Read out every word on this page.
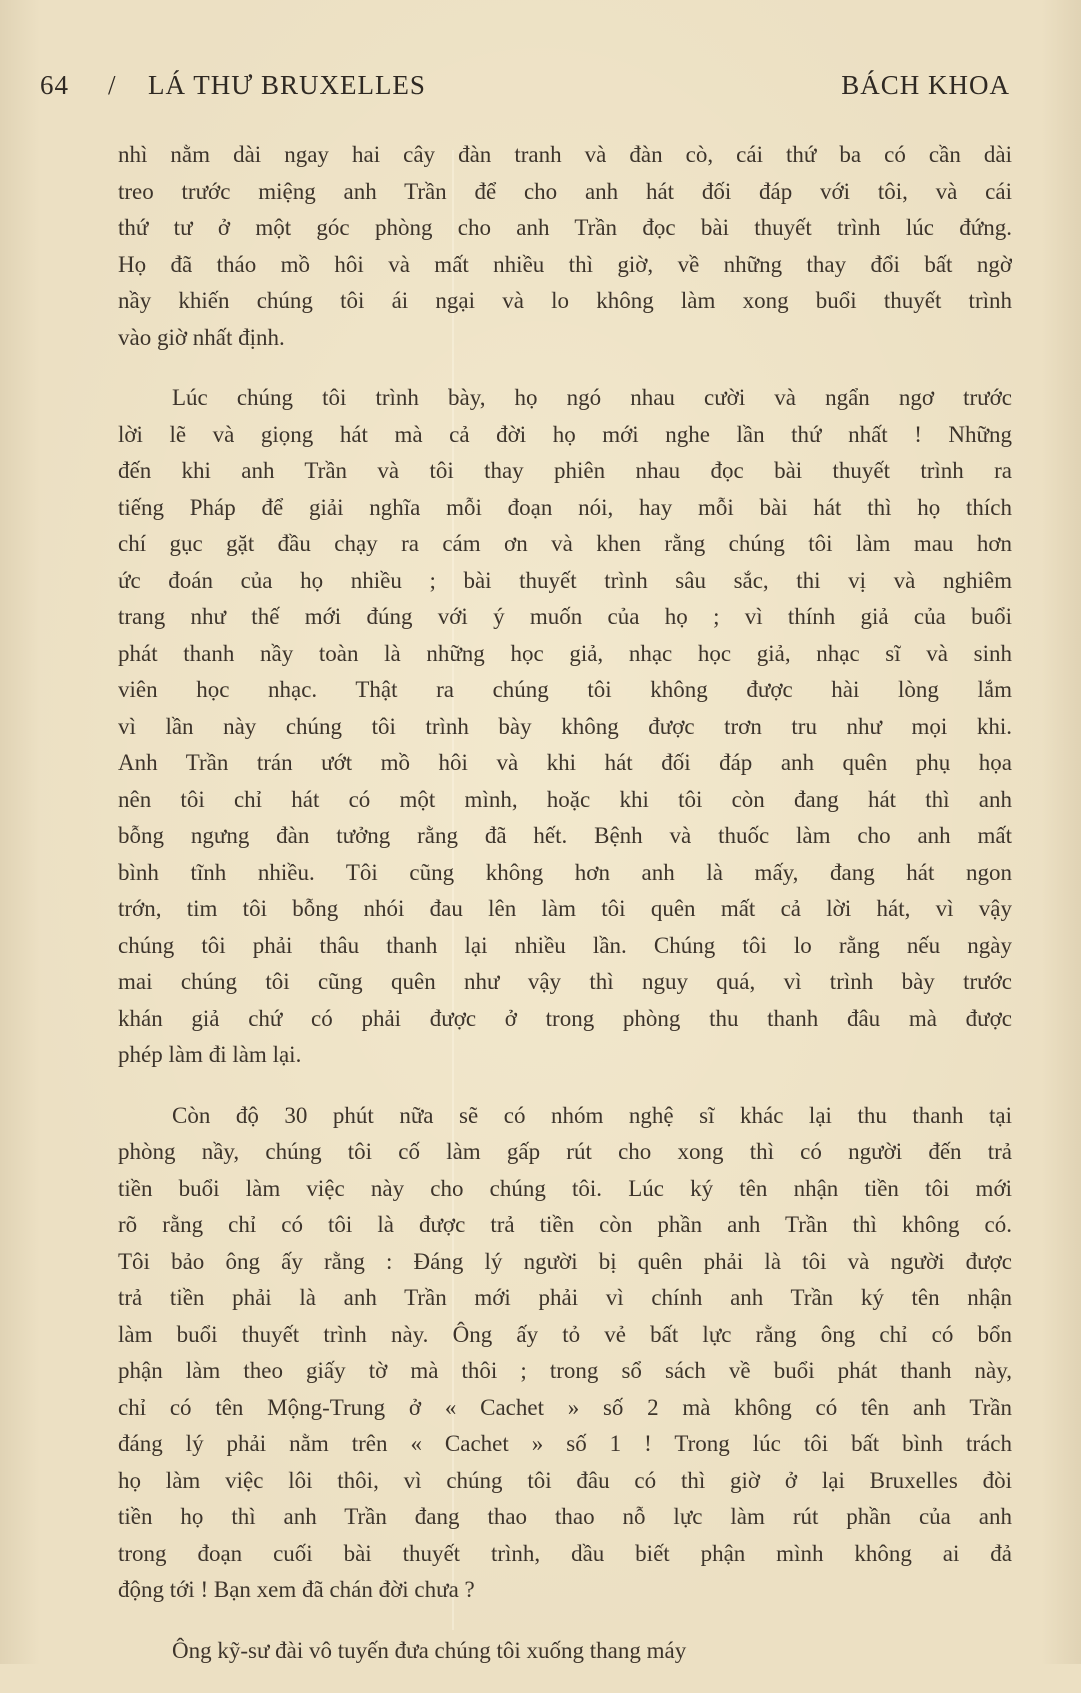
64 / LÁ THƯ BRUXELLES	BÁCH KHOA
nhì nằm dài ngay hai cây đàn tranh và đàn cò, cái thứ ba có cần dài
treo trước miệng anh Trần để cho anh hát đối đáp với tôi, và cái
thứ tư ở một góc phòng cho anh Trần đọc bài thuyết trình lúc đứng.
Họ đã tháo mồ hôi và mất nhiều thì giờ, về những thay đổi bất ngờ
nầy khiến chúng tôi ái ngại và lo không làm xong buổi thuyết trình
vào giờ nhất định.
Lúc chúng tôi trình bày, họ ngó nhau cười và ngẩn ngơ trước
lời lẽ và giọng hát mà cả đời họ mới nghe lần thứ nhất ! Những
đến khi anh Trần và tôi thay phiên nhau đọc bài thuyết trình ra
tiếng Pháp để giải nghĩa mỗi đoạn nói, hay mỗi bài hát thì họ thích
chí gục gặt đầu chạy ra cám ơn và khen rằng chúng tôi làm mau hơn
ức đoán của họ nhiều ; bài thuyết trình sâu sắc, thi vị và nghiêm
trang như thế mới đúng với ý muốn của họ ; vì thính giả của buổi
phát thanh nầy toàn là những học giả, nhạc học giả, nhạc sĩ và sinh
viên học nhạc. Thật ra chúng tôi không được hài lòng lắm
vì lần này chúng tôi trình bày không được trơn tru như mọi khi.
Anh Trần trán ướt mồ hôi và khi hát đối đáp anh quên phụ họa
nên tôi chỉ hát có một mình, hoặc khi tôi còn đang hát thì anh
bỗng ngưng đàn tưởng rằng đã hết. Bệnh và thuốc làm cho anh mất
bình tĩnh nhiều. Tôi cũng không hơn anh là mấy, đang hát ngon
trớn, tim tôi bỗng nhói đau lên làm tôi quên mất cả lời hát, vì vậy
chúng tôi phải thâu thanh lại nhiều lần. Chúng tôi lo rằng nếu ngày
mai chúng tôi cũng quên như vậy thì nguy quá, vì trình bày trước
khán giả chứ có phải được ở trong phòng thu thanh đâu mà được
phép làm đi làm lại.
Còn độ 30 phút nữa sẽ có nhóm nghệ sĩ khác lại thu thanh tại
phòng nầy, chúng tôi cố làm gấp rút cho xong thì có người đến trả
tiền buổi làm việc này cho chúng tôi. Lúc ký tên nhận tiền tôi mới
rõ rằng chỉ có tôi là được trả tiền còn phần anh Trần thì không có.
Tôi bảo ông ấy rằng : Đáng lý người bị quên phải là tôi và người được
trả tiền phải là anh Trần mới phải vì chính anh Trần ký tên nhận
làm buổi thuyết trình này. Ông ấy tỏ vẻ bất lực rằng ông chỉ có bổn
phận làm theo giấy tờ mà thôi ; trong sổ sách về buổi phát thanh này,
chỉ có tên Mộng-Trung ở « Cachet » số 2 mà không có tên anh Trần
đáng lý phải nằm trên « Cachet » số 1 ! Trong lúc tôi bất bình trách
họ làm việc lôi thôi, vì chúng tôi đâu có thì giờ ở lại Bruxelles đòi
tiền họ thì anh Trần đang thao thao nỗ lực làm rút phần của anh
trong đoạn cuối bài thuyết trình, dầu biết phận mình không ai đả
động tới ! Bạn xem đã chán đời chưa ?
Ông kỹ-sư đài vô tuyến đưa chúng tôi xuống thang máy
